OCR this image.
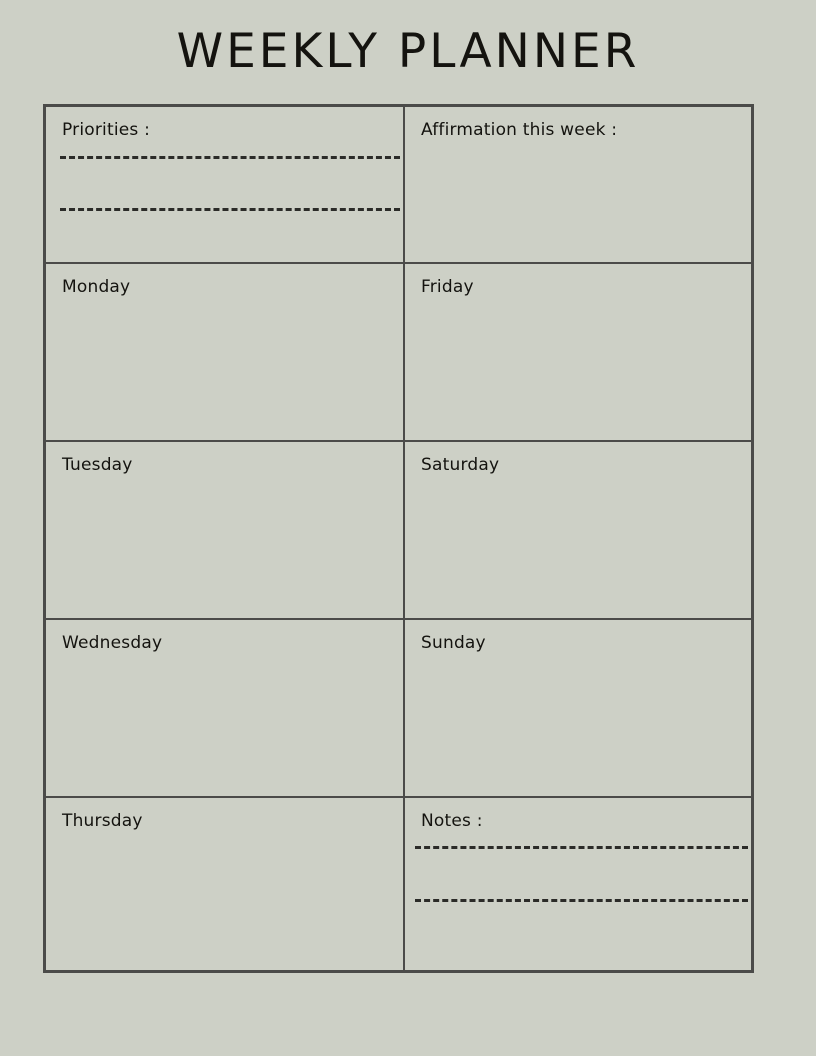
WEEKLY PLANNER
Priorities :	Affirmation this week :
Monday	Friday
Tuesday	Saturday
Wednesday	Sunday
Thursday	Notes :
